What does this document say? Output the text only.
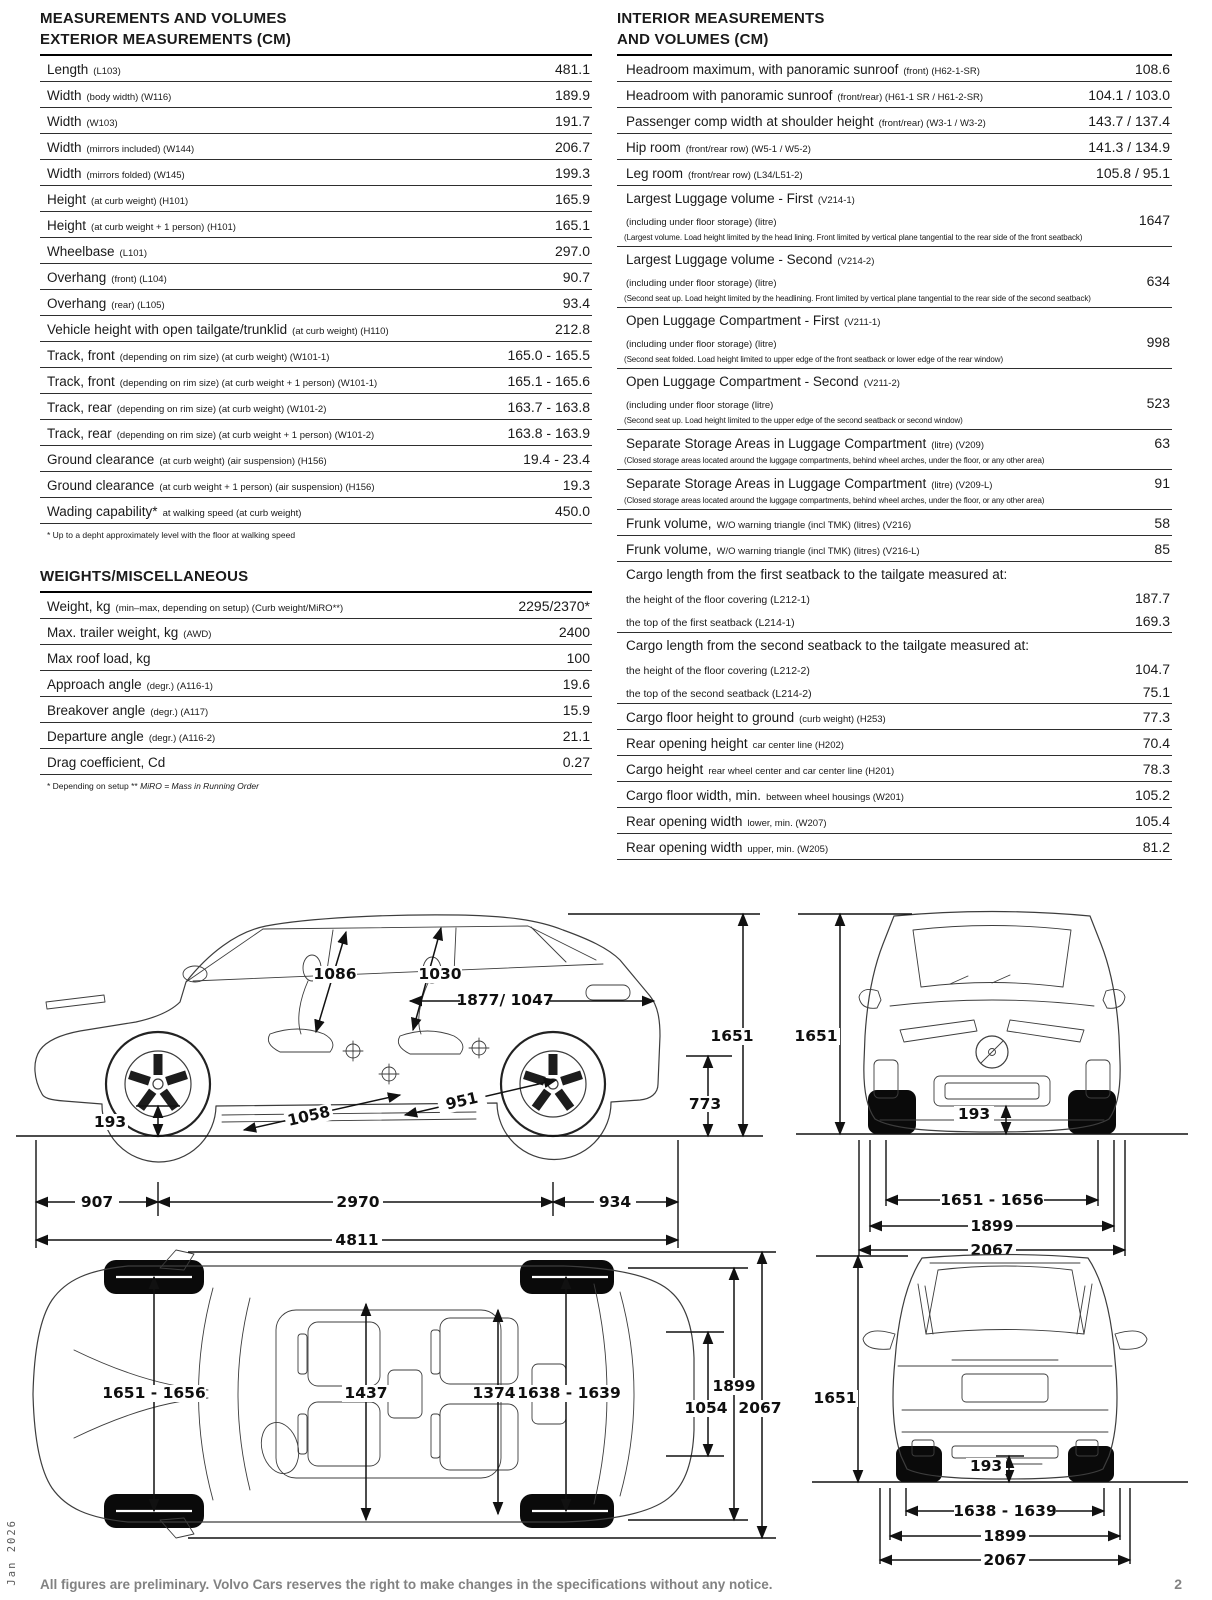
MEASUREMENTS AND VOLUMES
EXTERIOR MEASUREMENTS (CM)
Length (L103)	481.1
Width (body width) (W116)	189.9
Width (W103)	191.7
Width (mirrors included) (W144)	206.7
Width (mirrors folded) (W145)	199.3
Height (at curb weight) (H101)	165.9
Height (at curb weight + 1 person) (H101)	165.1
Wheelbase (L101)	297.0
Overhang (front) (L104)	90.7
Overhang (rear) (L105)	93.4
Vehicle height with open tailgate/trunklid (at curb weight) (H110)	212.8
Track, front (depending on rim size) (at curb weight) (W101-1)	165.0 - 165.5
Track, front (depending on rim size) (at curb weight + 1 person) (W101-1)	165.1 - 165.6
Track, rear (depending on rim size) (at curb weight) (W101-2)	163.7 - 163.8
Track, rear (depending on rim size) (at curb weight + 1 person) (W101-2)	163.8 - 163.9
Ground clearance (at curb weight) (air suspension) (H156)	19.4 - 23.4
Ground clearance (at curb weight + 1 person) (air suspension) (H156)	19.3
Wading capability* at walking speed (at curb weight)	450.0
* Up to a depht approximately level with the floor at walking speed
WEIGHTS/MISCELLANEOUS
Weight, kg (min–max, depending on setup) (Curb weight/MiRO**)	2295/2370*
Max. trailer weight, kg (AWD)	2400
Max roof load, kg	100
Approach angle (degr.) (A116-1)	19.6
Breakover angle (degr.) (A117)	15.9
Departure angle (degr.) (A116-2)	21.1
Drag coefficient, Cd	0.27
* Depending on setup ** MiRO = Mass in Running Order
INTERIOR MEASUREMENTS
AND VOLUMES (CM)
Headroom maximum, with panoramic sunroof (front) (H62-1-SR)	108.6
Headroom with panoramic sunroof (front/rear) (H61-1 SR / H61-2-SR)	104.1 / 103.0
Passenger comp width at shoulder height (front/rear) (W3-1 / W3-2)	143.7 / 137.4
Hip room (front/rear row) (W5-1 / W5-2)	141.3 / 134.9
Leg room (front/rear row) (L34/L51-2)	105.8 / 95.1
Largest Luggage volume - First (V214-1)
(including under floor storage) (litre)	1647
(Largest volume. Load height limited by the head lining. Front limited by vertical plane tangential to the rear side of the front seatback)
Largest Luggage volume - Second (V214-2)
(including under floor storage) (litre)	634
(Second seat up. Load height limited by the headlining. Front limited by vertical plane tangential to the rear side of the second seatback)
Open Luggage Compartment - First (V211-1)
(including under floor storage) (litre)	998
(Second seat folded. Load height limited to upper edge of the front seatback or lower edge of the rear window)
Open Luggage Compartment - Second (V211-2)
(including under floor storage (litre)	523
(Second seat up. Load height limited to the upper edge of the second seatback or second window)
Separate Storage Areas in Luggage Compartment (litre) (V209)	63
(Closed storage areas located around the luggage compartments, behind wheel arches, under the floor, or any other area)
Separate Storage Areas in Luggage Compartment (litre) (V209-L)	91
(Closed storage areas located around the luggage compartments, behind wheel arches, under the floor, or any other area)
Frunk volume, W/O warning triangle (incl TMK) (litres) (V216)	58
Frunk volume, W/O warning triangle (incl TMK) (litres) (V216-L)	85
Cargo length from the first seatback to the tailgate measured at:
the height of the floor covering (L212-1)	187.7
the top of the first seatback (L214-1)	169.3
Cargo length from the second seatback to the tailgate measured at:
the height of the floor covering (L212-2)	104.7
the top of the second seatback (L214-2)	75.1
Cargo floor height to ground (curb weight) (H253)	77.3
Rear opening height car center line (H202)	70.4
Cargo height rear wheel center and car center line (H201)	78.3
Cargo floor width, min. between wheel housings (W201)	105.2
Rear opening width lower, min. (W207)	105.4
Rear opening width upper, min. (W205)	81.2
1651
773
1086	1030
1877/ 1047
193	1058
951
907	2970	934
4811
1651
193
1651 - 1656
1899
2067
1651 - 1656	1437	1374 1638 - 1639	1899
1054 2067
1651
193
1638 - 1639
1899
2067
Jan 2026 All figures are preliminary. Volvo Cars reserves the right to make changes in the specifications without any notice.	2
